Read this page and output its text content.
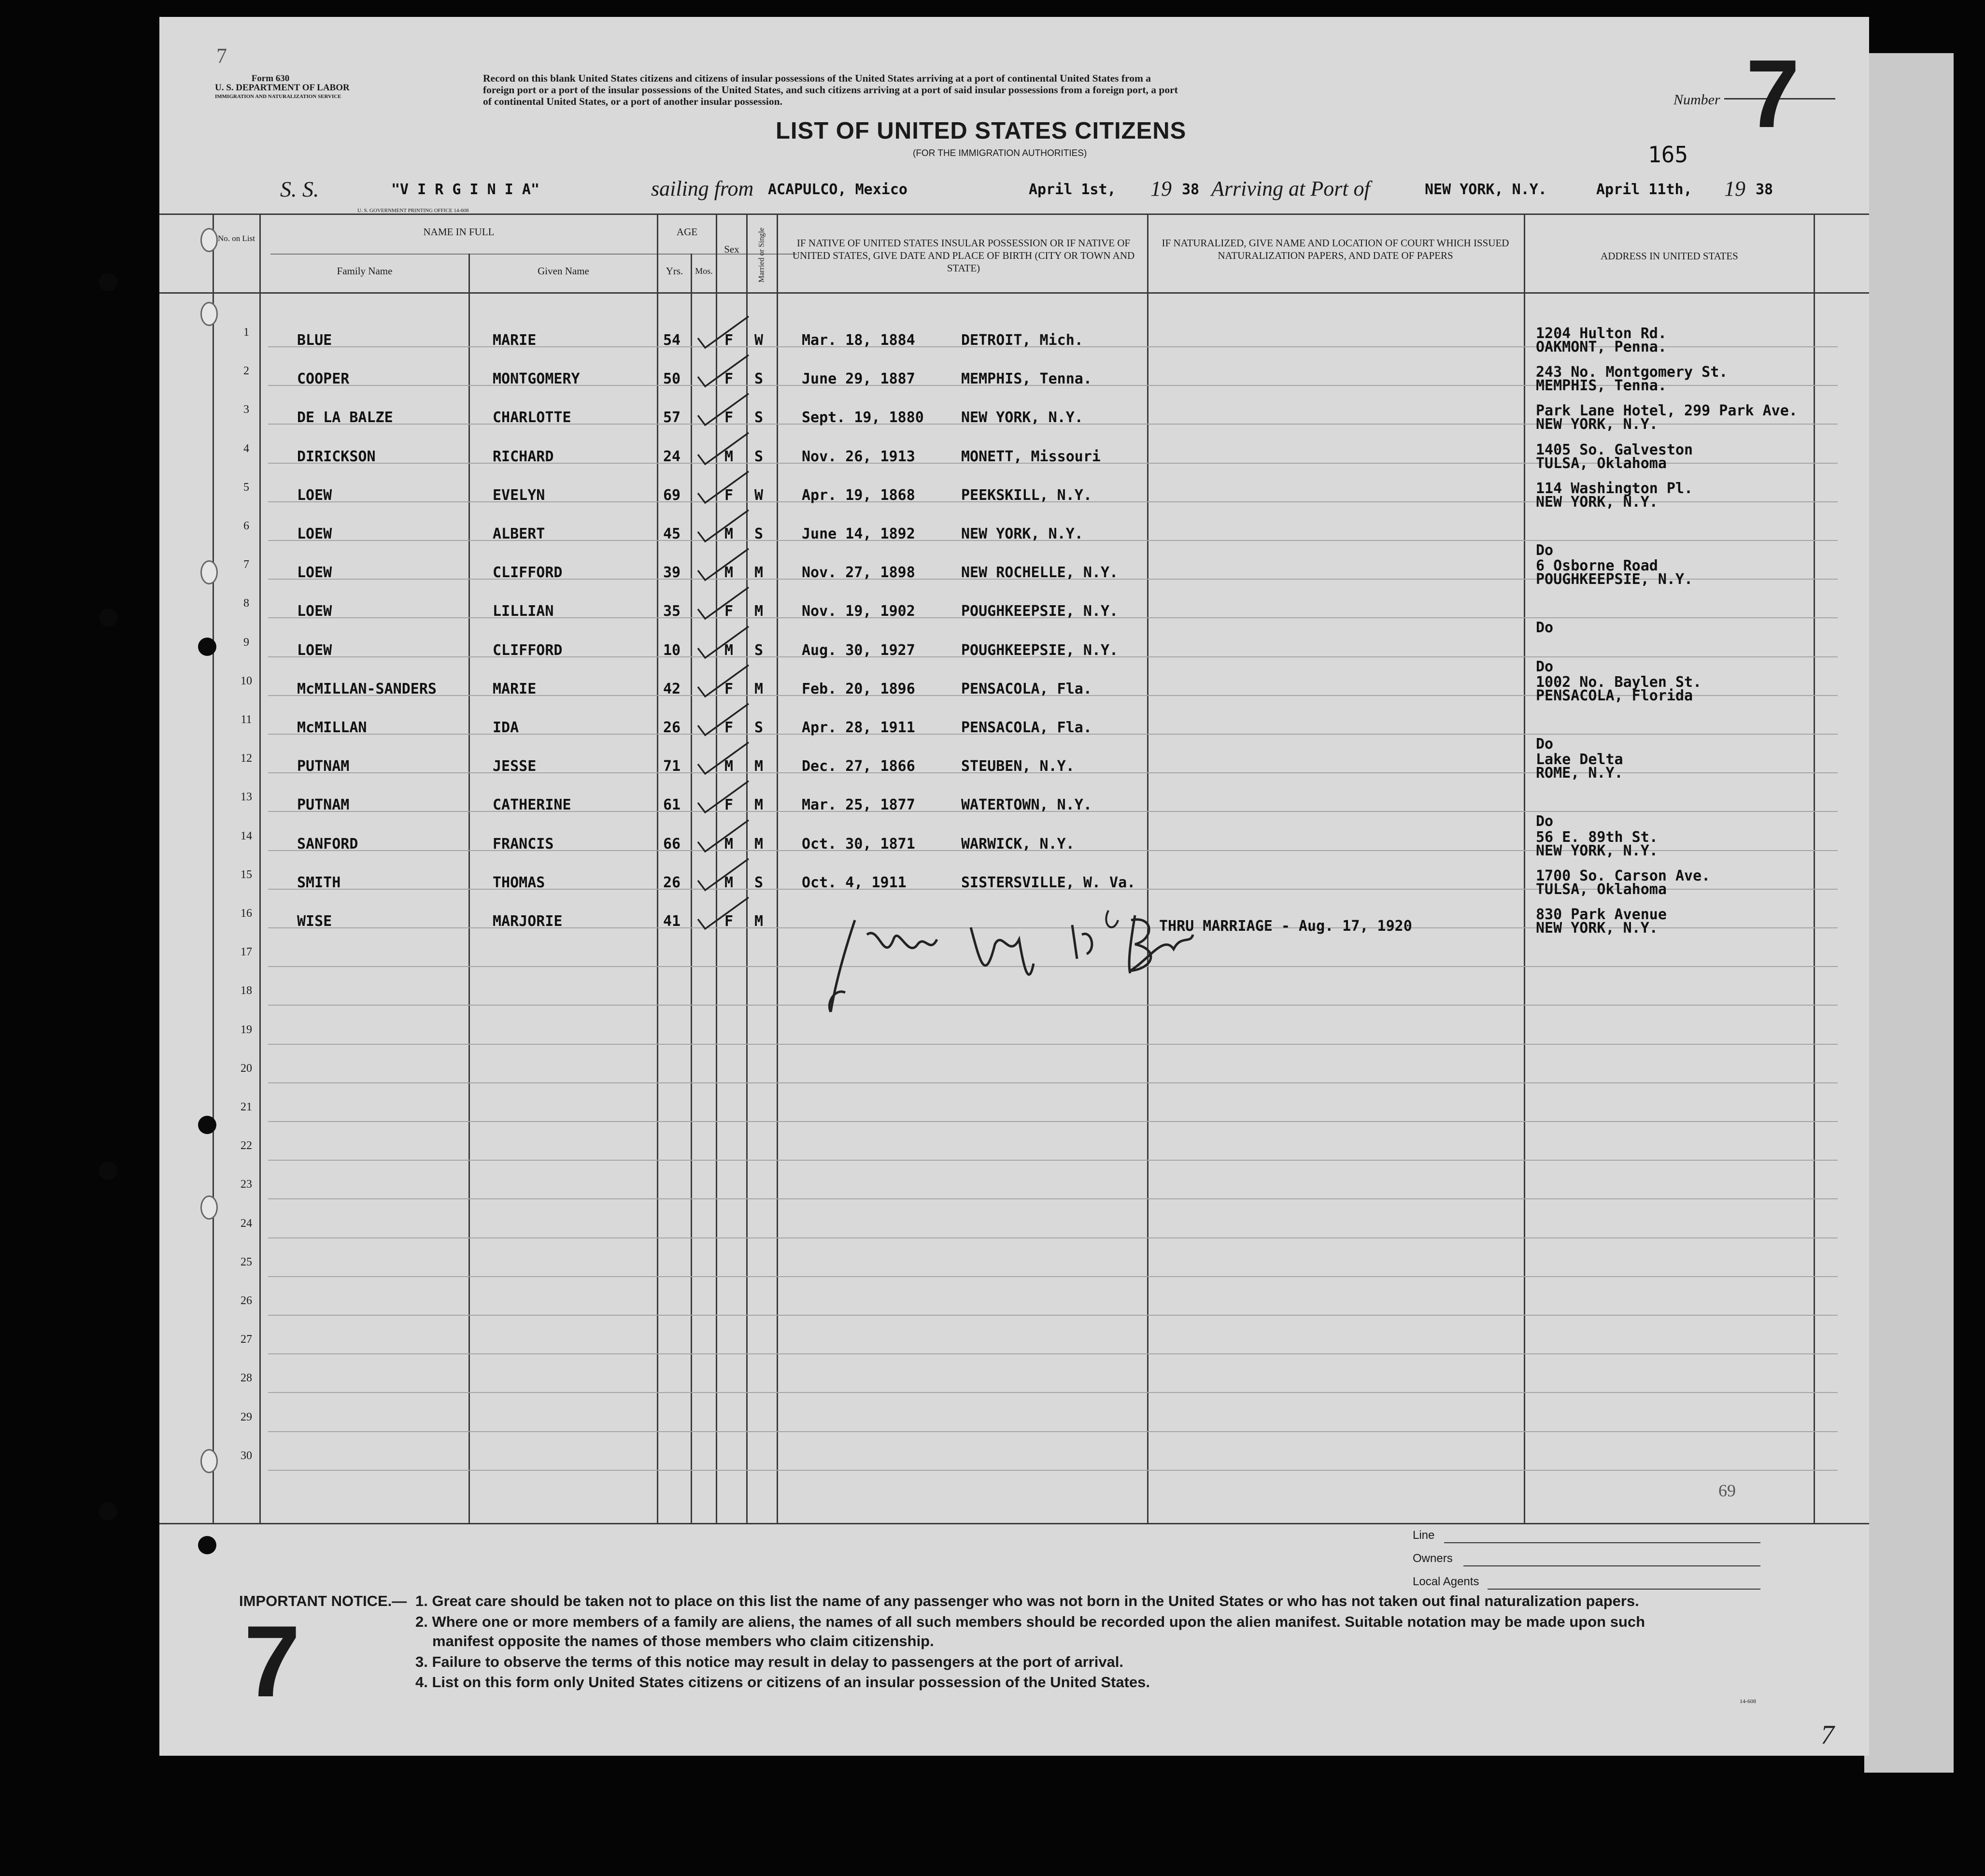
7
Form 630
U. S. DEPARTMENT OF LABOR
IMMIGRATION AND NATURALIZATION SERVICE
Record on this blank United States citizens and citizens of insular possessions of the United States arriving at a port of continental United States from a
foreign port or a port of the insular possessions of the United States, and such citizens arriving at a port of said insular possessions from a foreign port, a port
of continental United States, or a port of another insular possession.
LIST OF UNITED STATES CITIZENS
(FOR THE IMMIGRATION AUTHORITIES)
Number 7
165
S. S.	"V I R G I N I A"	sailing from ACAPULCO, Mexico	April 1st, 19 38 Arriving at Port of	NEW YORK, N.Y.	April 11th, 19 38
U. S. GOVERNMENT PRINTING OFFICE 14-608
No. on List
NAME IN FULL
Family Name	Given Name
AGE
Yrs.	Mos.
Sex	Married or Single	IF NATIVE OF UNITED STATES INSULAR POSSESSION OR IF NATIVE OF UNITED STATES, GIVE DATE AND PLACE OF BIRTH (CITY OR TOWN AND STATE)
IF NATURALIZED, GIVE NAME AND LOCATION OF COURT WHICH ISSUED NATURALIZATION PAPERS, AND DATE OF PAPERS	ADDRESS IN UNITED STATES
1	BLUE	MARIE	54	F W	Mar. 18, 1884	DETROIT, Mich.	1204 Hulton Rd.
OAKMONT, Penna.
2	COOPER	MONTGOMERY	50	F S	June 29, 1887	MEMPHIS, Tenna.	243 No. Montgomery St.
MEMPHIS, Tenna.
3	DE LA BALZE	CHARLOTTE	57	F S	Sept. 19, 1880	NEW YORK, N.Y.	Park Lane Hotel, 299 Park Ave.
NEW YORK, N.Y.
4	DIRICKSON	RICHARD	24	M S	Nov. 26, 1913	MONETT, Missouri	1405 So. Galveston
TULSA, Oklahoma
5	LOEW	EVELYN	69	F W	Apr. 19, 1868	PEEKSKILL, N.Y.	114 Washington Pl.
NEW YORK, N.Y.
6	LOEW	ALBERT	45	M S	June 14, 1892	NEW YORK, N.Y.
Do
7	LOEW	CLIFFORD	39	M M	Nov. 27, 1898	NEW ROCHELLE, N.Y.	6 Osborne Road
POUGHKEEPSIE, N.Y.
8	LOEW	LILLIAN	35	F M	Nov. 19, 1902	POUGHKEEPSIE, N.Y.
Do
9	LOEW	CLIFFORD	10	M S	Aug. 30, 1927	POUGHKEEPSIE, N.Y.
Do
10	McMILLAN-SANDERS	MARIE	42	F M	Feb. 20, 1896	PENSACOLA, Fla.	1002 No. Baylen St.
PENSACOLA, Florida
11	McMILLAN	IDA	26	F S	Apr. 28, 1911	PENSACOLA, Fla.
Do
12	PUTNAM	JESSE	71	M M	Dec. 27, 1866	STEUBEN, N.Y.	Lake Delta
ROME, N.Y.
13	PUTNAM	CATHERINE	61	F M	Mar. 25, 1877	WATERTOWN, N.Y.
Do
14	SANFORD	FRANCIS	66	M M	Oct. 30, 1871	WARWICK, N.Y.	56 E. 89th St.
NEW YORK, N.Y.
15	SMITH	THOMAS	26	M S	Oct. 4, 1911	SISTERSVILLE, W. Va.	1700 So. Carson Ave.
TULSA, Oklahoma
16	WISE	MARJORIE	41	F M	THRU MARRIAGE - Aug. 17, 1920
830 Park Avenue
NEW YORK, N.Y.
17
18
19
20
21
22
23
24
25
26
27
28
29
30
69
Line
Owners
Local Agents
IMPORTANT NOTICE.— 1. Great care should be taken not to place on this list the name of any passenger who was not born in the United States or who has not taken out final naturalization papers.
2. Where one or more members of a family are aliens, the names of all such members should be recorded upon the alien manifest. Suitable notation may be made upon such
manifest opposite the names of those members who claim citizenship.
3. Failure to observe the terms of this notice may result in delay to passengers at the port of arrival.
4. List on this form only United States citizens or citizens of an insular possession of the United States.
7	14-608
7
